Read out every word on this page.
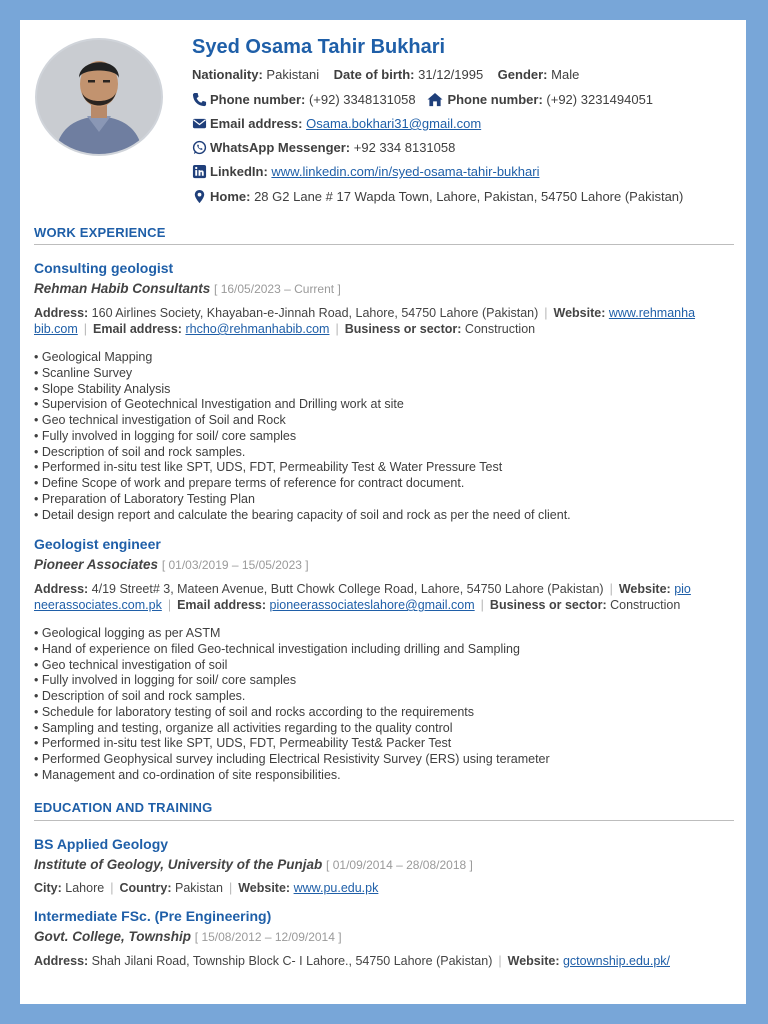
Syed Osama Tahir Bukhari
Nationality: Pakistani Date of birth: 31/12/1995 Gender: Male
Phone number: (+92) 3348131058 Phone number: (+92) 3231494051
Email address: Osama.bokhari31@gmail.com
WhatsApp Messenger: +92 334 8131058
LinkedIn: www.linkedin.com/in/syed-osama-tahir-bukhari
Home: 28 G2 Lane # 17 Wapda Town, Lahore, Pakistan, 54750 Lahore (Pakistan)
WORK EXPERIENCE
Consulting geologist
Rehman Habib Consultants [ 16/05/2023 – Current ]
Address: 160 Airlines Society, Khayaban-e-Jinnah Road, Lahore, 54750 Lahore (Pakistan) | Website: www.rehmanha
bib.com | Email address: rhcho@rehmanhabib.com | Business or sector: Construction
• Geological Mapping
• Scanline Survey
• Slope Stability Analysis
• Supervision of Geotechnical Investigation and Drilling work at site
• Geo technical investigation of Soil and Rock
• Fully involved in logging for soil/ core samples
• Description of soil and rock samples.
• Performed in-situ test like SPT, UDS, FDT, Permeability Test & Water Pressure Test
• Define Scope of work and prepare terms of reference for contract document.
• Preparation of Laboratory Testing Plan
• Detail design report and calculate the bearing capacity of soil and rock as per the need of client.
Geologist engineer
Pioneer Associates [ 01/03/2019 – 15/05/2023 ]
Address: 4/19 Street# 3, Mateen Avenue, Butt Chowk College Road, Lahore, 54750 Lahore (Pakistan) | Website: pio
neerassociates.com.pk | Email address: pioneerassociateslahore@gmail.com | Business or sector: Construction
• Geological logging as per ASTM
• Hand of experience on filed Geo-technical investigation including drilling and Sampling
• Geo technical investigation of soil
• Fully involved in logging for soil/ core samples
• Description of soil and rock samples.
• Schedule for laboratory testing of soil and rocks according to the requirements
• Sampling and testing, organize all activities regarding to the quality control
• Performed in-situ test like SPT, UDS, FDT, Permeability Test& Packer Test
• Performed Geophysical survey including Electrical Resistivity Survey (ERS) using terameter
• Management and co-ordination of site responsibilities.
EDUCATION AND TRAINING
BS Applied Geology
Institute of Geology, University of the Punjab [ 01/09/2014 – 28/08/2018 ]
City: Lahore | Country: Pakistan | Website: www.pu.edu.pk
Intermediate FSc. (Pre Engineering)
Govt. College, Township [ 15/08/2012 – 12/09/2014 ]
Address: Shah Jilani Road, Township Block C- I Lahore., 54750 Lahore (Pakistan) | Website: gctownship.edu.pk/
